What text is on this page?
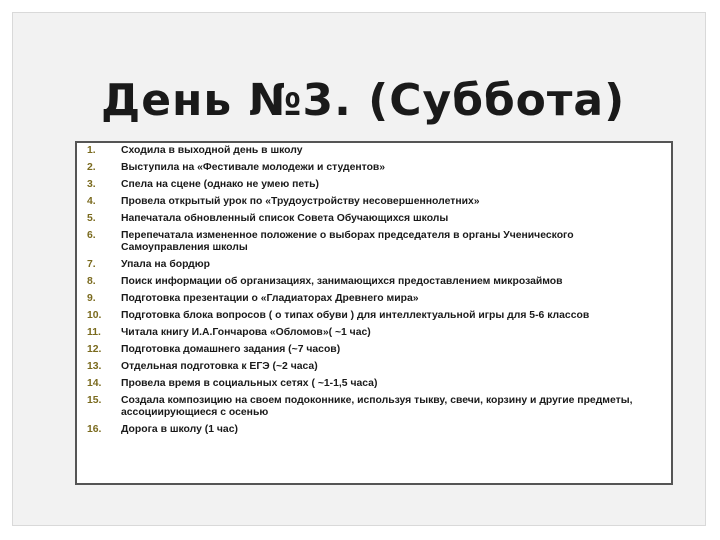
День №3. (Суббота)
1.	Сходила в выходной день в школу
2.	Выступила на «Фестивале молодежи и студентов»
3.	Спела на сцене (однако не умею петь)
4.	Провела открытый урок по «Трудоустройству несовершеннолетних»
5.	Напечатала обновленный список Совета Обучающихся школы
6.	Перепечатала измененное положение о выборах председателя в органы Ученического Самоуправления школы
7.	Упала на бордюр
8.	Поиск информации об организациях, занимающихся предоставлением микрозаймов
9.	Подготовка презентации о «Гладиаторах Древнего мира»
10.	Подготовка блока вопросов ( о типах обуви ) для интеллектуальной игры для 5-6 классов
11.	Читала книгу И.А.Гончарова «Обломов»( ~1 час)
12.	Подготовка домашнего задания (~7 часов)
13.	Отдельная подготовка к ЕГЭ (~2 часа)
14.	Провела время в социальных сетях ( ~1-1,5 часа)
15.	Создала композицию на своем подоконнике, используя тыкву, свечи, корзину и другие предметы, ассоциирующиеся с осенью
16.	Дорога в школу (1 час)
